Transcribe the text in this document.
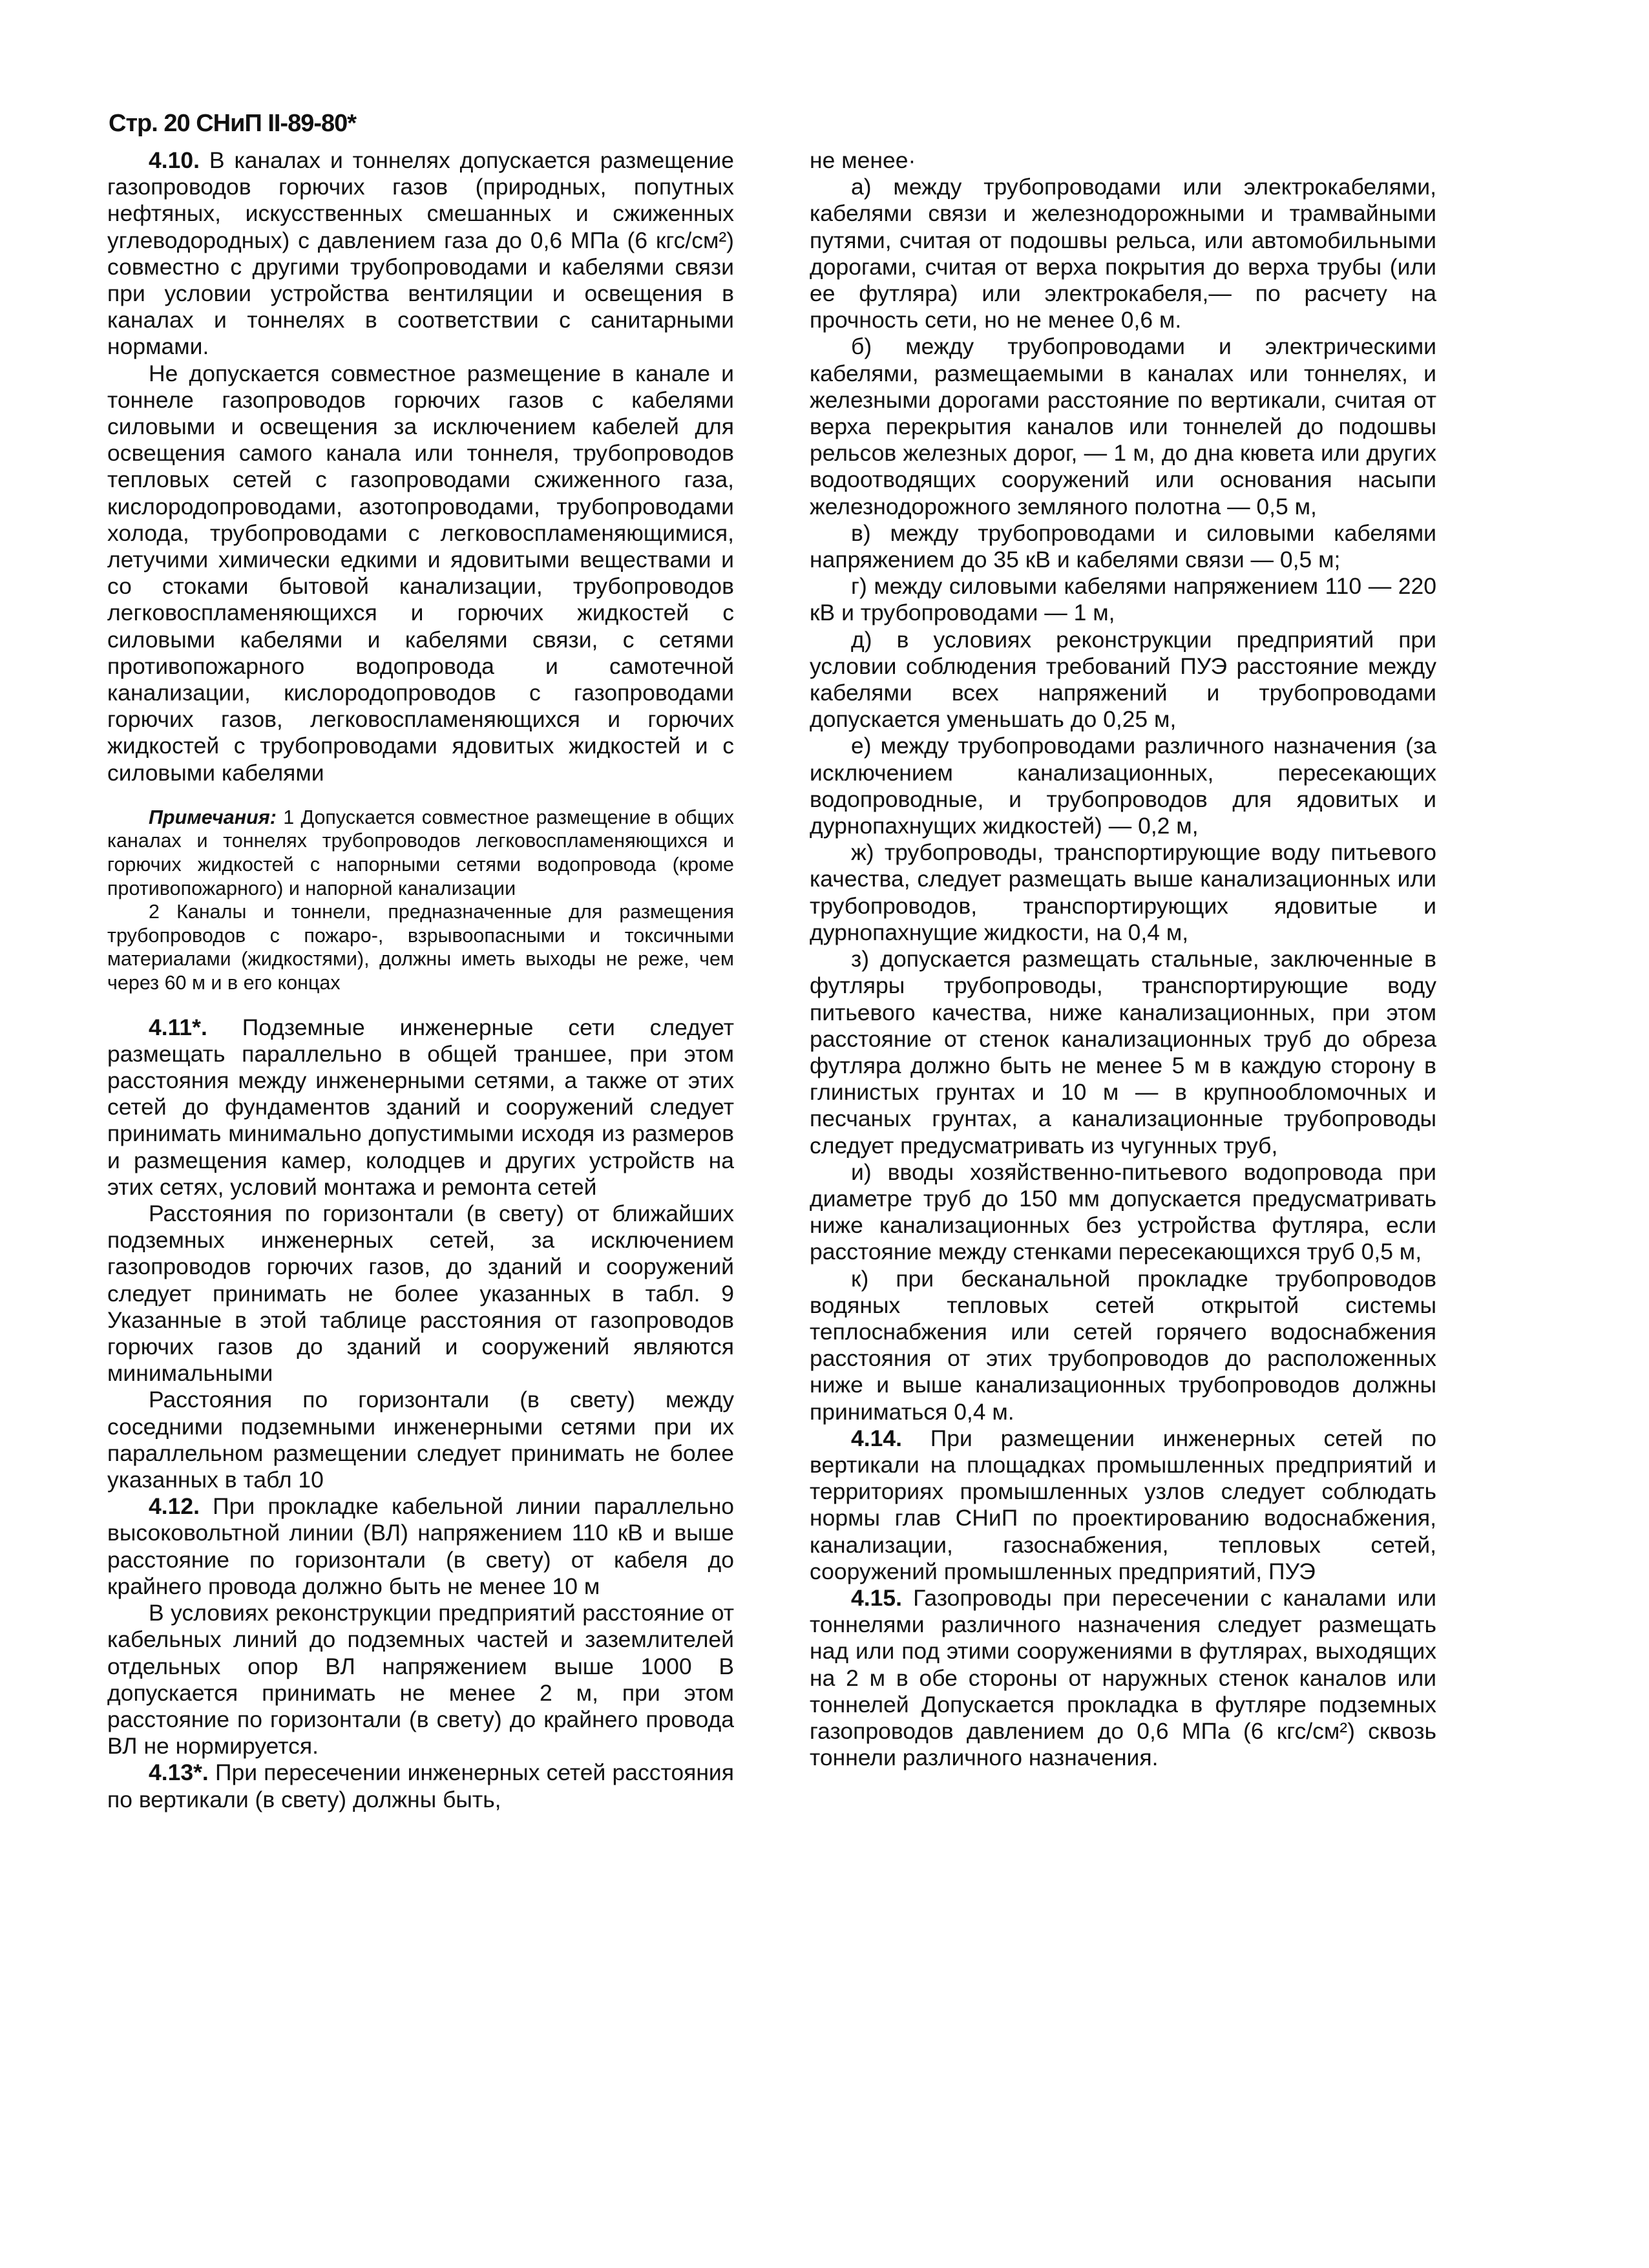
Стр. 20 СНиП II-89-80*

4.10. В каналах и тоннелях допускается размещение газопроводов горючих газов (природных, попутных нефтяных, искусственных смешанных и сжиженных углеводородных) с давлением газа до 0,6 МПа (6 кгс/см²) совместно с другими трубопроводами и кабелями связи при условии устройства вентиляции и освещения в каналах и тоннелях в соответствии с санитарными нормами.

Не допускается совместное размещение в канале и тоннеле газопроводов горючих газов с кабелями силовыми и освещения за исключением кабелей для освещения самого канала или тоннеля, трубопроводов тепловых сетей с газопроводами сжиженного газа, кислородопроводами, азотопроводами, трубопроводами холода, трубопроводами с легковоспламеняющимися, летучими химически едкими и ядовитыми веществами и со стоками бытовой канализации, трубопроводов легковоспламеняющихся и горючих жидкостей с силовыми кабелями и кабелями связи, с сетями противопожарного водопровода и самотечной канализации, кислородопроводов с газопроводами горючих газов, легковоспламеняющихся и горючих жидкостей с трубопроводами ядовитых жидкостей и с силовыми кабелями

Примечания: 1 Допускается совместное размещение в общих каналах и тоннелях трубопроводов легковоспламеняющихся и горючих жидкостей с напорными сетями водопровода (кроме противопожарного) и напорной канализации

2 Каналы и тоннели, предназначенные для размещения трубопроводов с пожаро-, взрывоопасными и токсичными материалами (жидкостями), должны иметь выходы не реже, чем через 60 м и в его концах

4.11*. Подземные инженерные сети следует размещать параллельно в общей траншее, при этом расстояния между инженерными сетями, а также от этих сетей до фундаментов зданий и сооружений следует принимать минимально допустимыми исходя из размеров и размещения камер, колодцев и других устройств на этих сетях, условий монтажа и ремонта сетей

Расстояния по горизонтали (в свету) от ближайших подземных инженерных сетей, за исключением газопроводов горючих газов, до зданий и сооружений следует принимать не более указанных в табл. 9 Указанные в этой таблице расстояния от газопроводов горючих газов до зданий и сооружений являются минимальными

Расстояния по горизонтали (в свету) между соседними подземными инженерными сетями при их параллельном размещении следует принимать не более указанных в табл 10

4.12. При прокладке кабельной линии параллельно высоковольтной линии (ВЛ) напряжением 110 кВ и выше расстояние по горизонтали (в свету) от кабеля до крайнего провода должно быть не менее 10 м

В условиях реконструкции предприятий расстояние от кабельных линий до подземных частей и заземлителей отдельных опор ВЛ напряжением выше 1000 В допускается принимать не менее 2 м, при этом расстояние по горизонтали (в свету) до крайнего провода ВЛ не нормируется.

4.13*. При пересечении инженерных сетей расстояния по вертикали (в свету) должны быть,

не менее·

а) между трубопроводами или электрокабелями, кабелями связи и железнодорожными и трамвайными путями, считая от подошвы рельса, или автомобильными дорогами, считая от верха покрытия до верха трубы (или ее футляра) или электрокабеля,— по расчету на прочность сети, но не менее 0,6 м.

б) между трубопроводами и электрическими кабелями, размещаемыми в каналах или тоннелях, и железными дорогами расстояние по вертикали, считая от верха перекрытия каналов или тоннелей до подошвы рельсов железных дорог, — 1 м, до дна кювета или других водоотводящих сооружений или основания насыпи железнодорожного земляного полотна — 0,5 м,

в) между трубопроводами и силовыми кабелями напряжением до 35 кВ и кабелями связи — 0,5 м;

г) между силовыми кабелями напряжением 110 — 220 кВ и трубопроводами — 1 м,

д) в условиях реконструкции предприятий при условии соблюдения требований ПУЭ расстояние между кабелями всех напряжений и трубопроводами допускается уменьшать до 0,25 м,

е) между трубопроводами различного назначения (за исключением канализационных, пересекающих водопроводные, и трубопроводов для ядовитых и дурнопахнущих жидкостей) — 0,2 м,

ж) трубопроводы, транспортирующие воду питьевого качества, следует размещать выше канализационных или трубопроводов, транспортирующих ядовитые и дурнопахнущие жидкости, на 0,4 м,

з) допускается размещать стальные, заключенные в футляры трубопроводы, транспортирующие воду питьевого качества, ниже канализационных, при этом расстояние от стенок канализационных труб до обреза футляра должно быть не менее 5 м в каждую сторону в глинистых грунтах и 10 м — в крупнообломочных и песчаных грунтах, а канализационные трубопроводы следует предусматривать из чугунных труб,

и) вводы хозяйственно-питьевого водопровода при диаметре труб до 150 мм допускается предусматривать ниже канализационных без устройства футляра, если расстояние между стенками пересекающихся труб 0,5 м,

к) при бесканальной прокладке трубопроводов водяных тепловых сетей открытой системы теплоснабжения или сетей горячего водоснабжения расстояния от этих трубопроводов до расположенных ниже и выше канализационных трубопроводов должны приниматься 0,4 м.

4.14. При размещении инженерных сетей по вертикали на площадках промышленных предприятий и территориях промышленных узлов следует соблюдать нормы глав СНиП по проектированию водоснабжения, канализации, газоснабжения, тепловых сетей, сооружений промышленных предприятий, ПУЭ

4.15. Газопроводы при пересечении с каналами или тоннелями различного назначения следует размещать над или под этими сооружениями в футлярах, выходящих на 2 м в обе стороны от наружных стенок каналов или тоннелей Допускается прокладка в футляре подземных газопроводов давлением до 0,6 МПа (6 кгс/см²) сквозь тоннели различного назначения.
